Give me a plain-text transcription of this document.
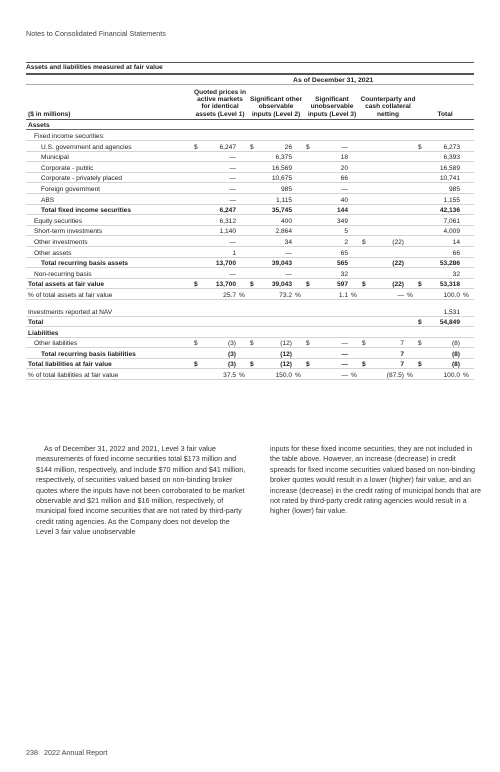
Notes to Consolidated Financial Statements
Assets and liabilities measured at fair value
	As of December 31, 2021														
($ in millions)	Quoted prices in active markets for identical assets (Level 1)			Significant other observable inputs (Level 2)			Significant unobservable inputs (Level 3)			Counterparty and cash collateral netting			Total		
Assets															
Fixed income securities:															
U.S. government and agencies	$	6,247		$	26		$	—					$	6,273	
Municipal		—			6,375			18						6,393	
Corporate - public		—			16,569			20						16,589	
Corporate - privately placed		—			10,675			66						10,741	
Foreign government		—			985			—						985	
ABS		—			1,115			40						1,155	
Total fixed income securities		6,247			35,745			144						42,136	
Equity securities		6,312			400			349						7,061	
Short-term investments		1,140			2,864			5						4,009	
Other investments		—			34			2		$	(22)			14	
Other assets		1			—			65						66	
Total recurring basis assets		13,700			39,043			565			(22)			53,286	
Non-recurring basis		—			—			32						32	
Total assets at fair value	$	13,700		$	39,043		$	597		$	(22)		$	53,318	
% of total assets at fair value		25.7	%		73.2	%		1.1	%		—	%		100.0	%

Investments reported at NAV														1,531	
Total													$	54,849	
Liabilities															
Other liabilities	$	(3)		$	(12)		$	—		$	7		$	(8)	
Total recurring basis liabilities		(3)			(12)			—			7			(8)	
Total liabilities at fair value	$	(3)		$	(12)		$	—		$	7		$	(8)	
% of total liabilities at fair value		37.5	%		150.0	%		—	%		(87.5)	%		100.0	%
As of December 31, 2022 and 2021, Level 3 fair value measurements of fixed income securities total $173 million and $144 million, respectively, and include $70 million and $41 million, respectively, of securities valued based on non-binding broker quotes where the inputs have not been corroborated to be market observable and $21 million and $16 million, respectively, of municipal fixed income securities that are not rated by third-party credit rating agencies. As the Company does not develop the Level 3 fair value unobservable
inputs for these fixed income securities, they are not included in the table above. However, an increase (decrease) in credit spreads for fixed income securities valued based on non-binding broker quotes would result in a lower (higher) fair value, and an increase (decrease) in the credit rating of municipal bonds that are not rated by third-party credit rating agencies would result in a higher (lower) fair value.
238 2022 Annual Report
